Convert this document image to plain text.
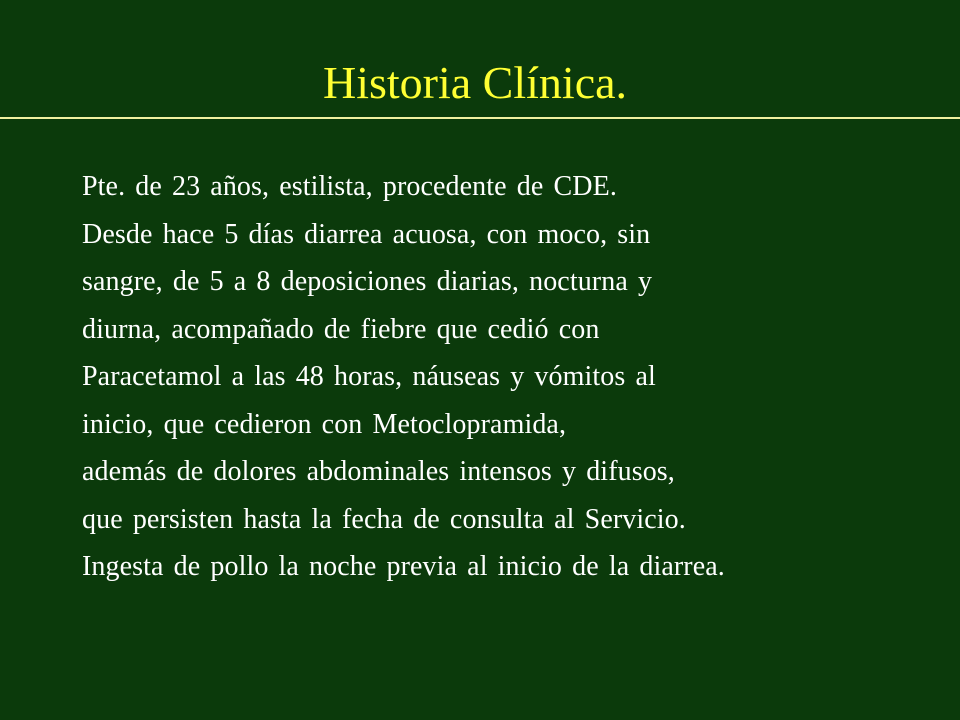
Historia Clínica.
Pte. de 23 años, estilista, procedente de CDE.
Desde hace 5 días diarrea acuosa, con moco, sin
sangre, de 5 a 8 deposiciones diarias, nocturna y
diurna, acompañado de fiebre que cedió con
Paracetamol a las 48 horas, náuseas y vómitos al
inicio, que cedieron con Metoclopramida,
además de dolores abdominales intensos y difusos,
que persisten hasta la fecha de consulta al Servicio.
Ingesta de pollo la noche previa al inicio de la diarrea.
